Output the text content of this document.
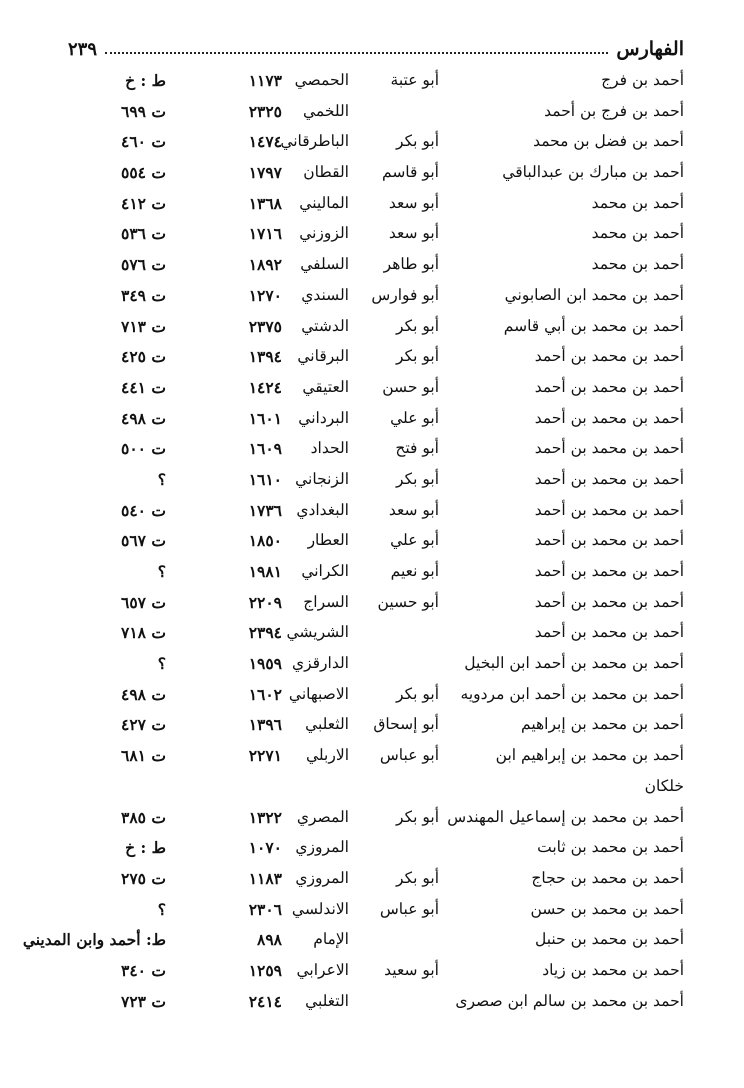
الفهارس
٢٣٩
أحمد بن فرج
أبو عتبة
الحمصي
١١٧٣
ط : خ
أحمد بن فرج بن أحمد
اللخمي
٢٣٢٥
ت ٦٩٩
أحمد بن فضل بن محمد
أبو بكر
الباطرقاني
١٤٧٤
ت ٤٦٠
أحمد بن مبارك بن عبدالباقي
أبو قاسم
القطان
١٧٩٧
ت ٥٥٤
أحمد بن محمد
أبو سعد
الماليني
١٣٦٨
ت ٤١٢
أحمد بن محمد
أبو سعد
الزوزني
١٧١٦
ت ٥٣٦
أحمد بن محمد
أبو طاهر
السلفي
١٨٩٢
ت ٥٧٦
أحمد بن محمد ابن الصابوني
أبو فوارس
السندي
١٢٧٠
ت ٣٤٩
أحمد بن محمد بن أبي قاسم
أبو بكر
الدشتي
٢٣٧٥
ت ٧١٣
أحمد بن محمد بن أحمد
أبو بكر
البرقاني
١٣٩٤
ت ٤٢٥
أحمد بن محمد بن أحمد
أبو حسن
العتيقي
١٤٢٤
ت ٤٤١
أحمد بن محمد بن أحمد
أبو علي
البرداني
١٦٠١
ت ٤٩٨
أحمد بن محمد بن أحمد
أبو فتح
الحداد
١٦٠٩
ت ٥٠٠
أحمد بن محمد بن أحمد
أبو بكر
الزنجاني
١٦١٠
؟
أحمد بن محمد بن أحمد
أبو سعد
البغدادي
١٧٣٦
ت ٥٤٠
أحمد بن محمد بن أحمد
أبو علي
العطار
١٨٥٠
ت ٥٦٧
أحمد بن محمد بن أحمد
أبو نعيم
الكراني
١٩٨١
؟
أحمد بن محمد بن أحمد
أبو حسين
السراج
٢٢٠٩
ت ٦٥٧
أحمد بن محمد بن أحمد
الشريشي
٢٣٩٤
ت ٧١٨
أحمد بن محمد بن أحمد ابن البخيل
الدارقزي
١٩٥٩
؟
أحمد بن محمد بن أحمد ابن مردويه
أبو بكر
الاصبهاني
١٦٠٢
ت ٤٩٨
أحمد بن محمد بن إبراهيم
أبو إسحاق
الثعلبي
١٣٩٦
ت ٤٢٧
أحمد بن محمد بن إبراهيم ابن
أبو عباس
الاربلي
٢٢٧١
ت ٦٨١
خلكان
أحمد بن محمد بن إسماعيل المهندس
أبو بكر
المصري
١٣٢٢
ت ٣٨٥
أحمد بن محمد بن ثابت
المروزي
١٠٧٠
ط : خ
أحمد بن محمد بن حجاج
أبو بكر
المروزي
١١٨٣
ت ٢٧٥
أحمد بن محمد بن حسن
أبو عباس
الاندلسي
٢٣٠٦
؟
أحمد بن محمد بن حنبل
الإمام
٨٩٨
ط: أحمد وابن المديني
أحمد بن محمد بن زياد
أبو سعيد
الاعرابي
١٢٥٩
ت ٣٤٠
أحمد بن محمد بن سالم ابن صصرى
التغلبي
٢٤١٤
ت ٧٢٣
